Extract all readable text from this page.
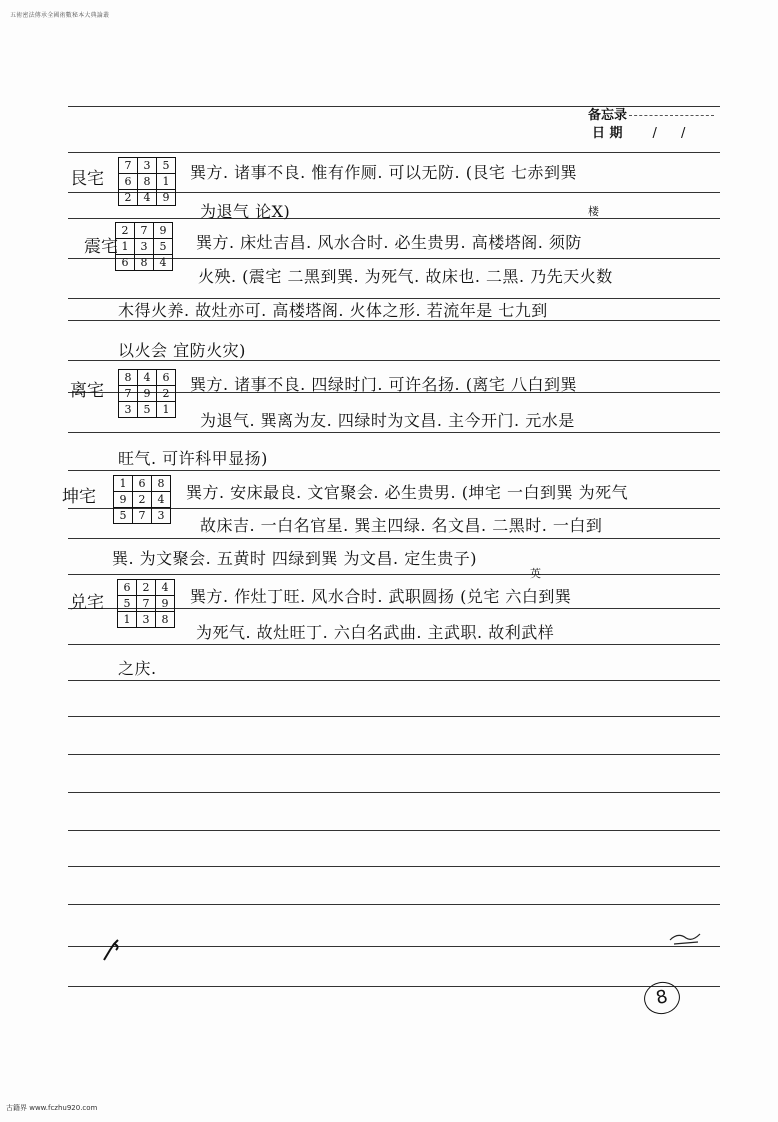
五術密法傳承全國術數秘本大典論叢
备忘录
日 期 / /
艮宅
7	3	5
6	8	1
2	4	9
巽方. 诸事不良. 惟有作厕. 可以无防. (艮宅 七赤到巽
为退气 论X)	楼
震宅
2	7	9
1	3	5
6	8	4
巽方. 床灶吉昌. 风水合时. 必生贵男. 高楼塔阁. 须防
火殃. (震宅 二黑到巽. 为死气. 故床也. 二黑. 乃先天火数
木得火养. 故灶亦可. 高楼塔阁. 火体之形. 若流年是 七九到
以火会 宜防火灾)
离宅
8	4	6
7	9	2
3	5	1
巽方. 诸事不良. 四绿时门. 可许名扬. (离宅 八白到巽
为退气. 巽离为友. 四绿时为文昌. 主今开门. 元水是
旺气. 可许科甲显扬)
坤宅
1	6	8
9	2	4
5	7	3
巽方. 安床最良. 文官聚会. 必生贵男. (坤宅 一白到巽 为死气
故床吉. 一白名官星. 巽主四绿. 名文昌. 二黑时. 一白到
巽. 为文聚会. 五黄时 四绿到巽 为文昌. 定生贵子)
英
兑宅
6	2	4
5	7	9
1	3	8
巽方. 作灶丁旺. 风水合时. 武职圆扬 (兑宅 六白到巽
为死气. 故灶旺丁. 六白名武曲. 主武职. 故利武样
之庆.
8
古籍界 www.fczhu920.com
